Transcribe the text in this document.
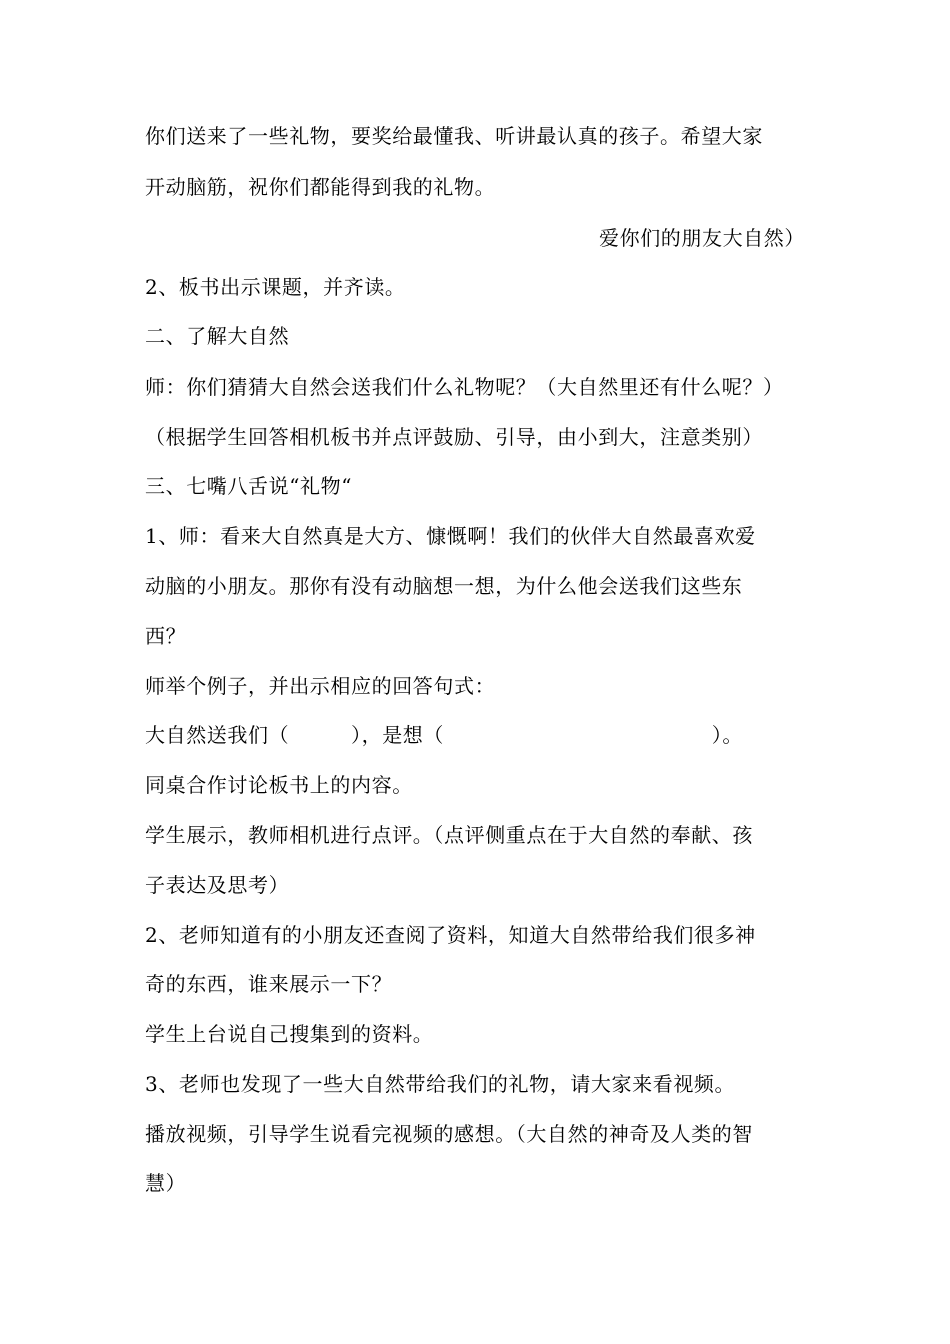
你们送来了一些礼物，要奖给最懂我、听讲最认真的孩子。希望大家
开动脑筋，祝你们都能得到我的礼物。
爱你们的朋友大自然）
2、板书出示课题，并齐读。
二、了解大自然
师：你们猜猜大自然会送我们什么礼物呢？（大自然里还有什么呢？）
（根据学生回答相机板书并点评鼓励、引导，由小到大，注意类别）
三、七嘴八舌说“礼物“
1、师：看来大自然真是大方、慷慨啊！我们的伙伴大自然最喜欢爱
动脑的小朋友。那你有没有动脑想一想，为什么他会送我们这些东
西？
师举个例子，并出示相应的回答句式：
大自然送我们（　　　），是想（　　　　　　　　　　　　　）。
同桌合作讨论板书上的内容。
学生展示，教师相机进行点评。（点评侧重点在于大自然的奉献、孩
子表达及思考）
2、老师知道有的小朋友还查阅了资料，知道大自然带给我们很多神
奇的东西，谁来展示一下？
学生上台说自己搜集到的资料。
3、老师也发现了一些大自然带给我们的礼物，请大家来看视频。
播放视频，引导学生说看完视频的感想。（大自然的神奇及人类的智
慧）
